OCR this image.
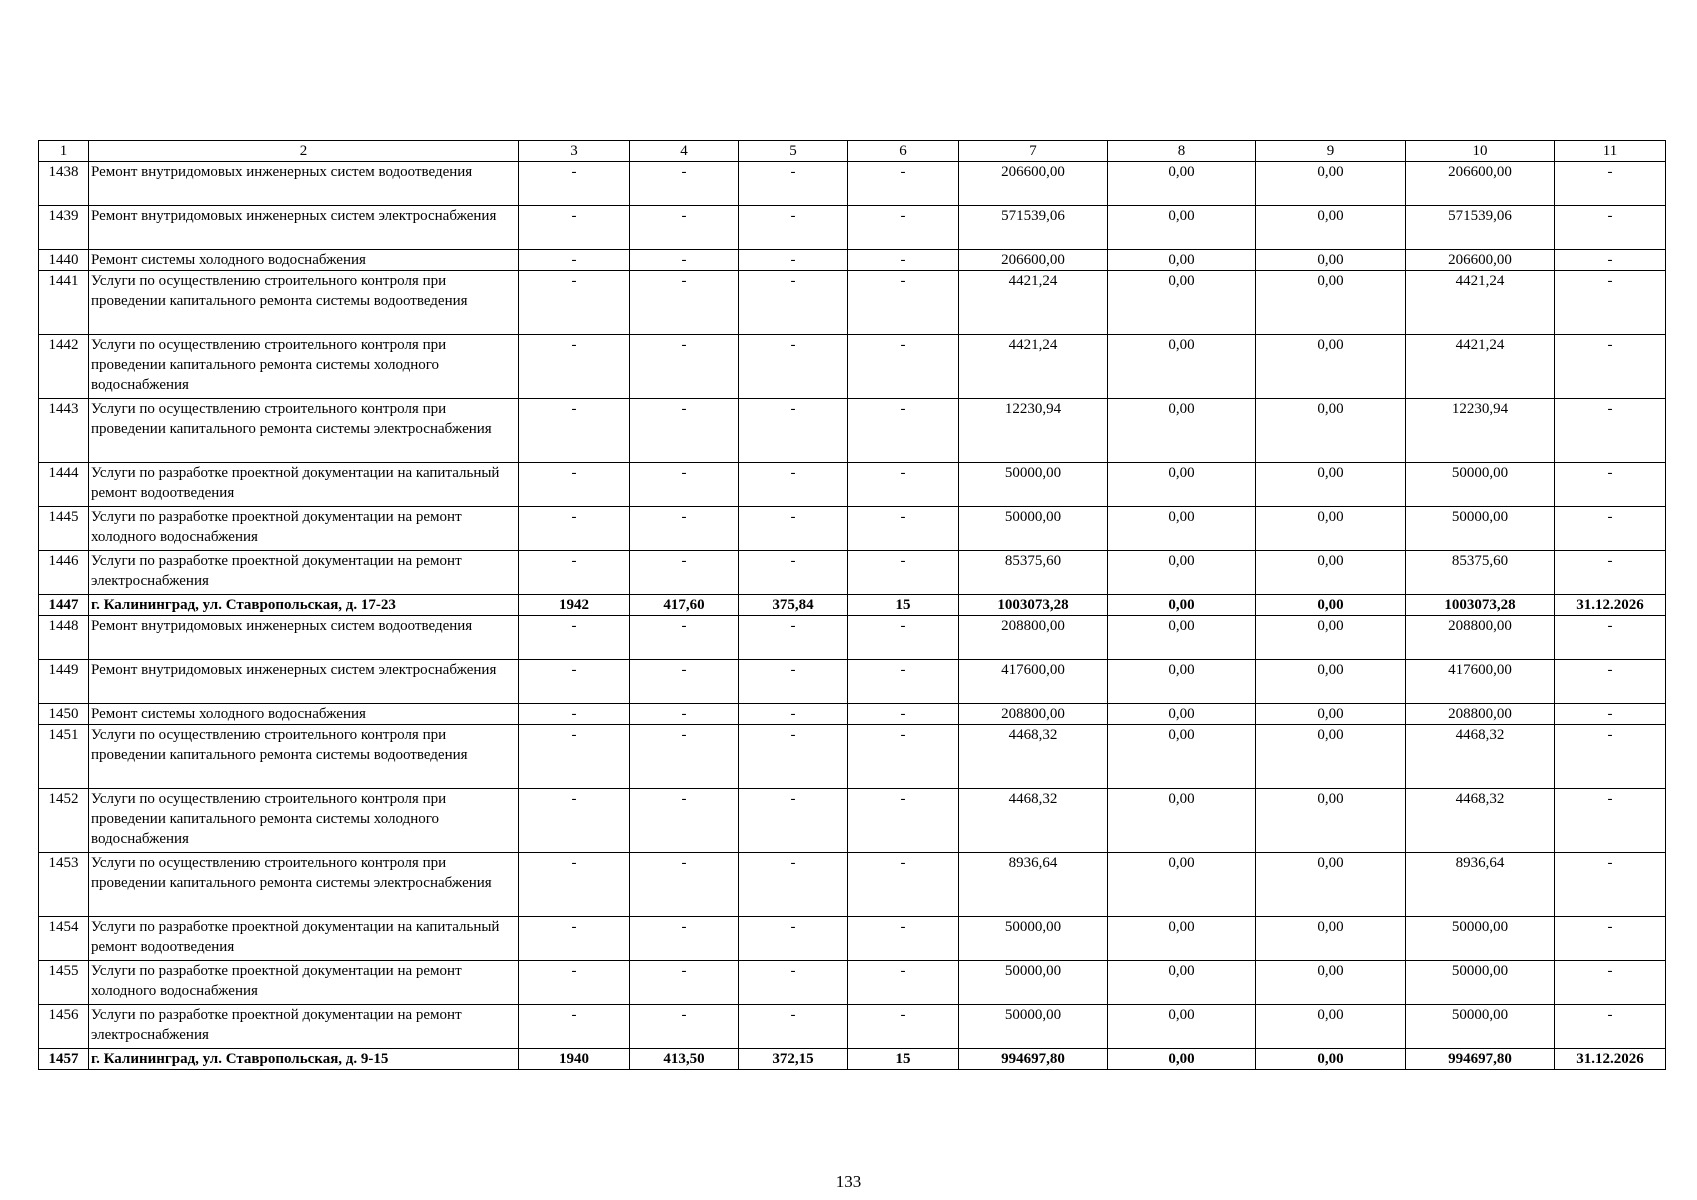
1	2	3	4	5	6	7	8	9	10	11
1438	Ремонт внутридомовых инженерных систем водоотведения	-	-	-	-	206600,00	0,00	0,00	206600,00	-
1439	Ремонт внутридомовых инженерных систем электроснабжения	-	-	-	-	571539,06	0,00	0,00	571539,06	-
1440	Ремонт системы холодного водоснабжения	-	-	-	-	206600,00	0,00	0,00	206600,00	-
1441	Услуги по осуществлению строительного контроля при проведении капитального ремонта системы водоотведения	-	-	-	-	4421,24	0,00	0,00	4421,24	-
1442	Услуги по осуществлению строительного контроля при проведении капитального ремонта системы холодного водоснабжения	-	-	-	-	4421,24	0,00	0,00	4421,24	-
1443	Услуги по осуществлению строительного контроля при проведении капитального ремонта системы электроснабжения	-	-	-	-	12230,94	0,00	0,00	12230,94	-
1444	Услуги по разработке проектной документации на капитальный ремонт водоотведения	-	-	-	-	50000,00	0,00	0,00	50000,00	-
1445	Услуги по разработке проектной документации на ремонт холодного водоснабжения	-	-	-	-	50000,00	0,00	0,00	50000,00	-
1446	Услуги по разработке проектной документации на ремонт электроснабжения	-	-	-	-	85375,60	0,00	0,00	85375,60	-
1447	г. Калининград, ул. Ставропольская, д. 17-23	1942	417,60	375,84	15	1003073,28	0,00	0,00	1003073,28	31.12.2026
1448	Ремонт внутридомовых инженерных систем водоотведения	-	-	-	-	208800,00	0,00	0,00	208800,00	-
1449	Ремонт внутридомовых инженерных систем электроснабжения	-	-	-	-	417600,00	0,00	0,00	417600,00	-
1450	Ремонт системы холодного водоснабжения	-	-	-	-	208800,00	0,00	0,00	208800,00	-
1451	Услуги по осуществлению строительного контроля при проведении капитального ремонта системы водоотведения	-	-	-	-	4468,32	0,00	0,00	4468,32	-
1452	Услуги по осуществлению строительного контроля при проведении капитального ремонта системы холодного водоснабжения	-	-	-	-	4468,32	0,00	0,00	4468,32	-
1453	Услуги по осуществлению строительного контроля при проведении капитального ремонта системы электроснабжения	-	-	-	-	8936,64	0,00	0,00	8936,64	-
1454	Услуги по разработке проектной документации на капитальный ремонт водоотведения	-	-	-	-	50000,00	0,00	0,00	50000,00	-
1455	Услуги по разработке проектной документации на ремонт холодного водоснабжения	-	-	-	-	50000,00	0,00	0,00	50000,00	-
1456	Услуги по разработке проектной документации на ремонт электроснабжения	-	-	-	-	50000,00	0,00	0,00	50000,00	-
1457	г. Калининград, ул. Ставропольская, д. 9-15	1940	413,50	372,15	15	994697,80	0,00	0,00	994697,80	31.12.2026
133
